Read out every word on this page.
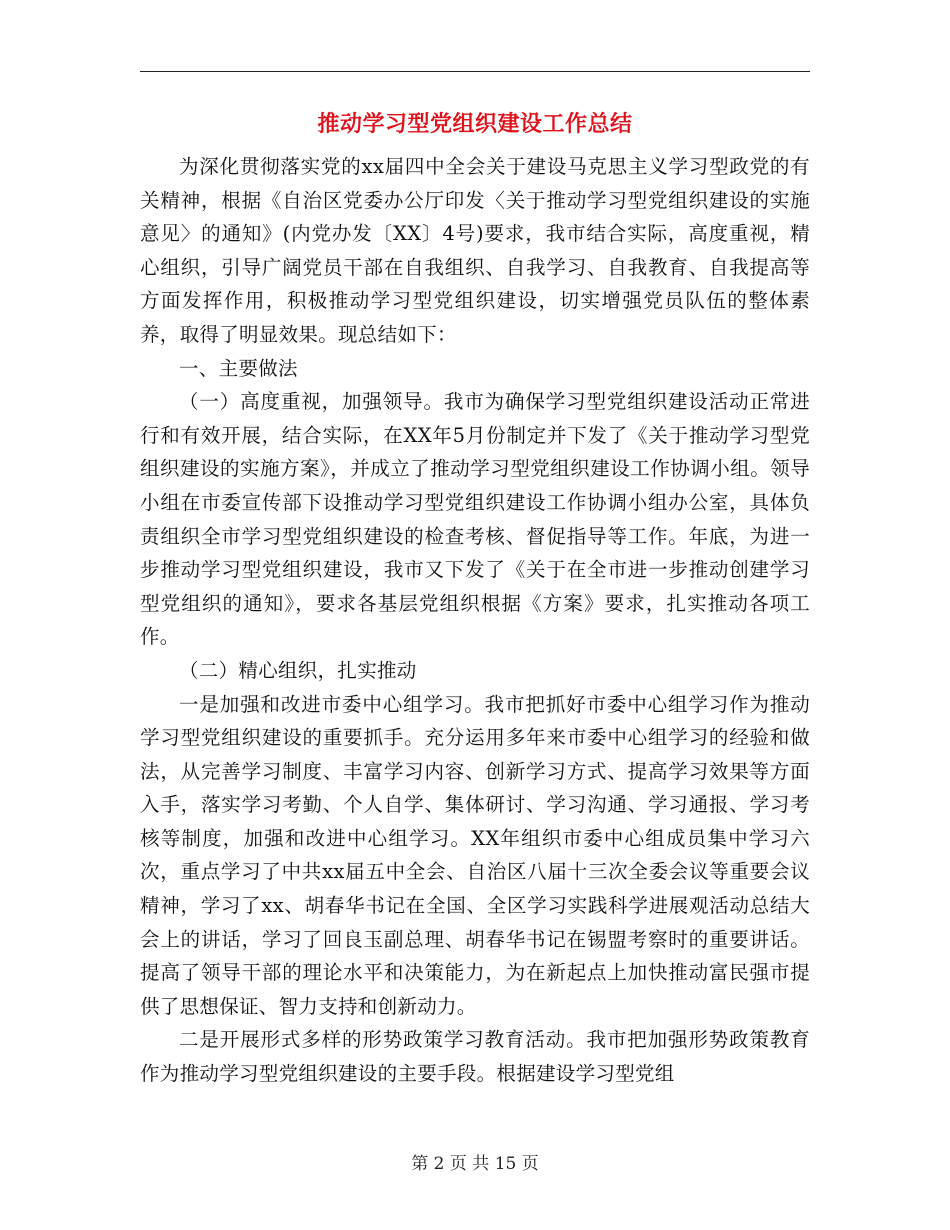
推动学习型党组织建设工作总结

为深化贯彻落实党的xx届四中全会关于建设马克思主义学习型政党的有关精神，根据《自治区党委办公厅印发〈关于推动学习型党组织建设的实施意见〉的通知》(内党办发〔XX〕4号)要求，我市结合实际，高度重视，精心组织，引导广阔党员干部在自我组织、自我学习、自我教育、自我提高等方面发挥作用，积极推动学习型党组织建设，切实增强党员队伍的整体素养，取得了明显效果。现总结如下：

一、主要做法

（一）高度重视，加强领导。我市为确保学习型党组织建设活动正常进行和有效开展，结合实际，在XX年5月份制定并下发了《关于推动学习型党组织建设的实施方案》，并成立了推动学习型党组织建设工作协调小组。领导小组在市委宣传部下设推动学习型党组织建设工作协调小组办公室，具体负责组织全市学习型党组织建设的检查考核、督促指导等工作。年底，为进一步推动学习型党组织建设，我市又下发了《关于在全市进一步推动创建学习型党组织的通知》，要求各基层党组织根据《方案》要求，扎实推动各项工作。

（二）精心组织，扎实推动

一是加强和改进市委中心组学习。我市把抓好市委中心组学习作为推动学习型党组织建设的重要抓手。充分运用多年来市委中心组学习的经验和做法，从完善学习制度、丰富学习内容、创新学习方式、提高学习效果等方面入手，落实学习考勤、个人自学、集体研讨、学习沟通、学习通报、学习考核等制度，加强和改进中心组学习。XX年组织市委中心组成员集中学习六次，重点学习了中共xx届五中全会、自治区八届十三次全委会议等重要会议精神，学习了xx、胡春华书记在全国、全区学习实践科学进展观活动总结大会上的讲话，学习了回良玉副总理、胡春华书记在锡盟考察时的重要讲话。提高了领导干部的理论水平和决策能力，为在新起点上加快推动富民强市提供了思想保证、智力支持和创新动力。

二是开展形式多样的形势政策学习教育活动。我市把加强形势政策教育作为推动学习型党组织建设的主要手段。根据建设学习型党组

第 2 页 共 15 页
